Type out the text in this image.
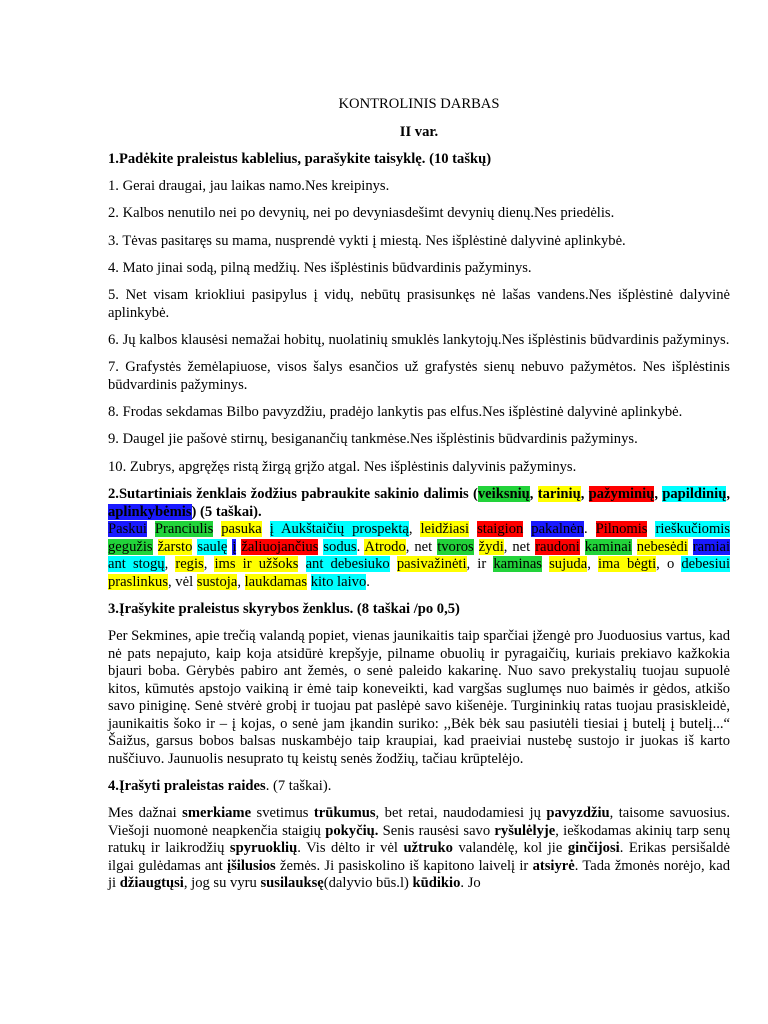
KONTROLINIS DARBAS

II var.

1.Padėkite praleistus kablelius, parašykite taisyklę. (10 taškų)

1. Gerai draugai, jau laikas namo.Nes kreipinys.

2. Kalbos nenutilo nei po devynių, nei po devyniasdešimt devynių dienų.Nes priedėlis.

3. Tėvas pasitaręs su mama, nusprendė vykti į miestą. Nes išplėstinė dalyvinė aplinkybė.

4. Mato jinai sodą, pilną medžių. Nes išplėstinis būdvardinis pažyminys.

5. Net visam kriokliui pasipylus į vidų, nebūtų prasisunkęs nė lašas vandens.Nes išplėstinė dalyvinė aplinkybė.

6. Jų kalbos klausėsi nemažai hobitų, nuolatinių smuklės lankytojų.Nes išplėstinis būdvardinis pažyminys.

7. Grafystės žemėlapiuose, visos šalys esančios už grafystės sienų nebuvo pažymėtos. Nes išplėstinis būdvardinis pažyminys.

8. Frodas sekdamas Bilbo pavyzdžiu, pradėjo lankytis pas elfus.Nes išplėstinė dalyvinė aplinkybė.

9. Daugel jie pašovė stirnų, besiganančių tankmėse.Nes išplėstinis būdvardinis pažyminys.

10. Zubrys, apgręžęs ristą žirgą grįžo atgal. Nes išplėstinis dalyvinis pažyminys.

2.Sutartiniais ženklais žodžius pabraukite sakinio dalimis (veiksnių, tarinių, pažyminių, papildinių, aplinkybėmis) (5 taškai).

Paskui Pranciulis pasuka į Aukštaičių prospektą, leidžiasi staigion pakalnėn. Pilnomis rieškučiomis gegužis žarsto saulę į žaliuojančius sodus. Atrodo, net tvoros žydi, net raudoni kaminai nebesėdi ramiai ant stogų, regis, ims ir užšoks ant debesiuko pasivažinėti, ir kaminas sujuda, ima bėgti, o debesiui praslinkus, vėl sustoja, laukdamas kito laivo.

3.Įrašykite praleistus skyrybos ženklus. (8 taškai /po 0,5)

Per Sekmines, apie trečią valandą popiet, vienas jaunikaitis taip sparčiai įžengė pro Juoduosius vartus, kad nė pats nepajuto, kaip koja atsidūrė krepšyje, pilname obuolių ir pyragaičių, kuriais prekiavo kažkokia bjauri boba. Gėrybės pabiro ant žemės, o senė paleido kakarinę. Nuo savo prekystalių tuojau supuolė kitos, kūmutės apstojo vaikiną ir ėmė taip koneveikti, kad vargšas suglumęs nuo baimės ir gėdos, atkišo savo piniginę. Senė stvėrė grobį ir tuojau pat paslėpė savo kišenėje. Turgininkių ratas tuojau prasiskleidė, jaunikaitis šoko ir – į kojas, o senė jam įkandin suriko: ,,Bėk bėk sau pasiutėli tiesiai į butelį į butelį...“ Šaižus, garsus bobos balsas nuskambėjo taip kraupiai, kad praeiviai nustebę sustojo ir juokas iš karto nuščiuvo. Jaunuolis nesuprato tų keistų senės žodžių, tačiau krūptelėjo.

4.Įrašyti praleistas raides. (7 taškai).

Mes dažnai smerkiame svetimus trūkumus, bet retai, naudodamiesi jų pavyzdžiu, taisome savuosius. Viešoji nuomonė neapkenčia staigių pokyčių. Senis rausėsi savo ryšulėlyje, ieškodamas akinių tarp senų ratukų ir laikrodžių spyruoklių. Vis dėlto ir vėl užtruko valandėlę, kol jie ginčijosi. Erikas persišaldė ilgai gulėdamas ant įšilusios žemės. Ji pasiskolino iš kapitono laivelį ir atsiyrė. Tada žmonės norėjo, kad ji džiaugtųsi, jog su vyru susilauksę(dalyvio būs.l) kūdikio. Jo
